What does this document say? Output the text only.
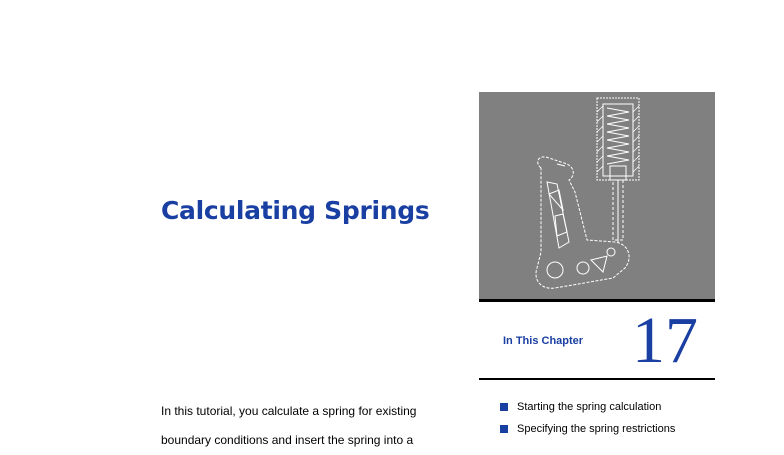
Calculating Springs
In This Chapter 17
Starting the spring calculation
Specifying the spring restrictions

In this tutorial, you calculate a spring for existing
boundary conditions and insert the spring into a
